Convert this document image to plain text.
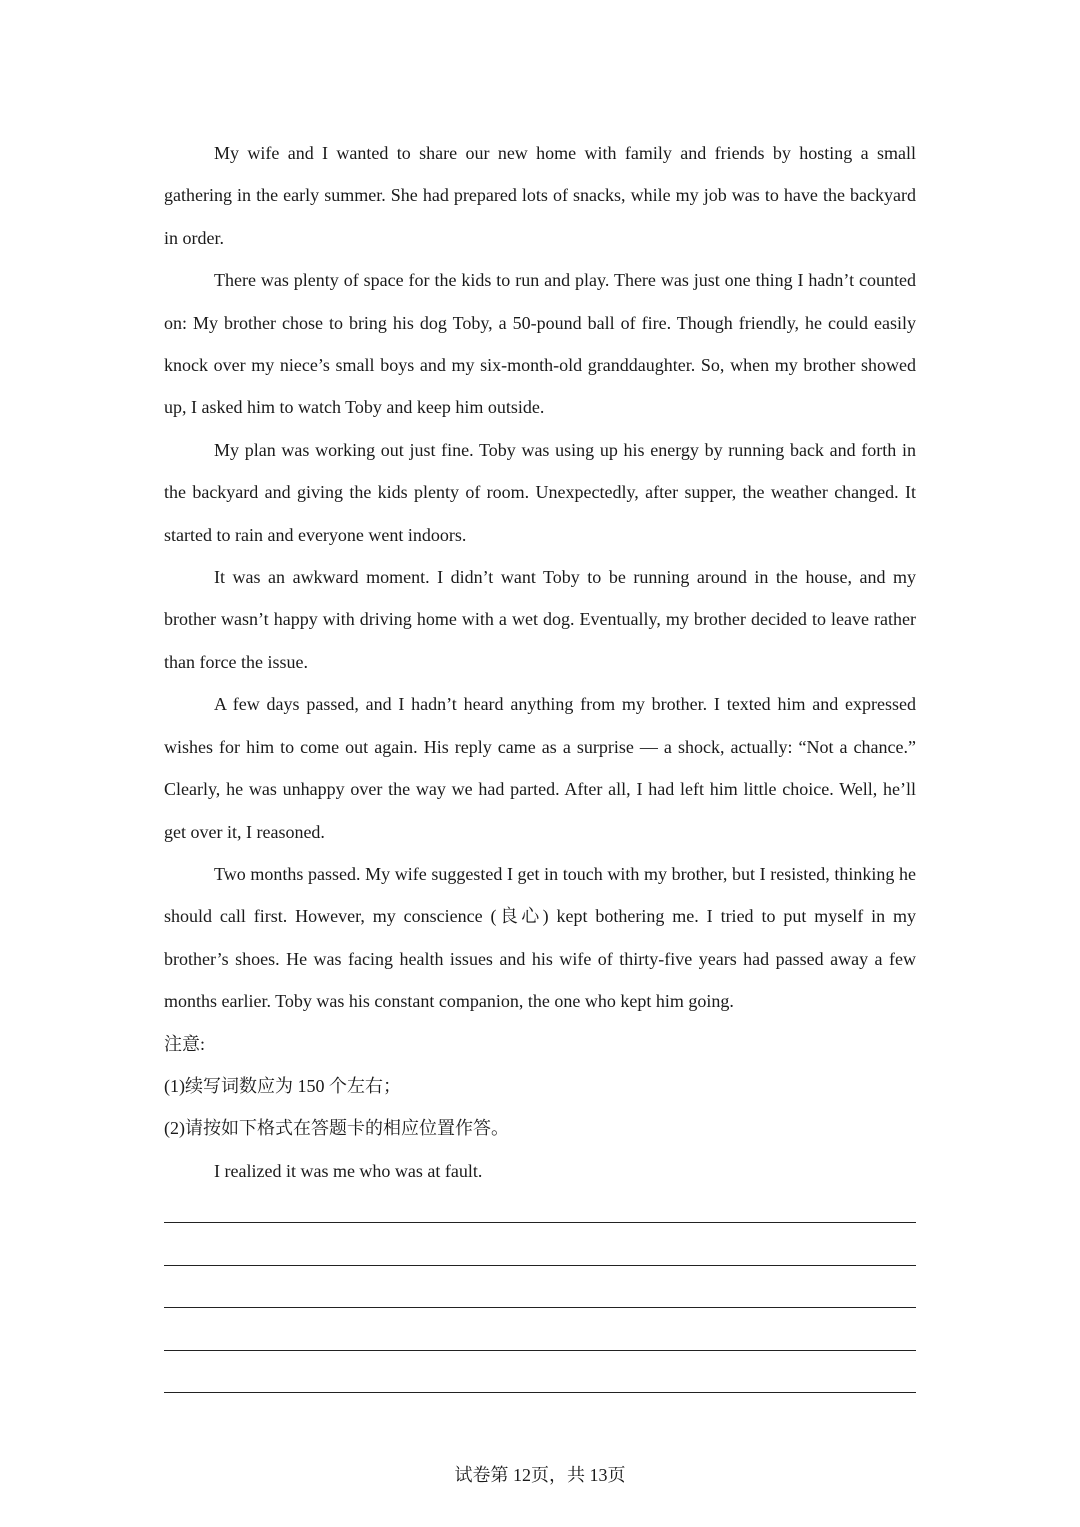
My wife and I wanted to share our new home with family and friends by hosting a small gathering in the early summer. She had prepared lots of snacks, while my job was to have the backyard in order.

There was plenty of space for the kids to run and play. There was just one thing I hadn’t counted on: My brother chose to bring his dog Toby, a 50-pound ball of fire. Though friendly, he could easily knock over my niece’s small boys and my six-month-old granddaughter. So, when my brother showed up, I asked him to watch Toby and keep him outside.

My plan was working out just fine. Toby was using up his energy by running back and forth in the backyard and giving the kids plenty of room. Unexpectedly, after supper, the weather changed. It started to rain and everyone went indoors.

It was an awkward moment. I didn’t want Toby to be running around in the house, and my brother wasn’t happy with driving home with a wet dog. Eventually, my brother decided to leave rather than force the issue.

A few days passed, and I hadn’t heard anything from my brother. I texted him and expressed wishes for him to come out again. His reply came as a surprise — a shock, actually: “Not a chance.” Clearly, he was unhappy over the way we had parted. After all, I had left him little choice. Well, he’ll get over it, I reasoned.

Two months passed. My wife suggested I get in touch with my brother, but I resisted, thinking he should call first. However, my conscience (良心) kept bothering me. I tried to put myself in my brother’s shoes. He was facing health issues and his wife of thirty-five years had passed away a few months earlier. Toby was his constant companion, the one who kept him going.

注意:

(1)续写词数应为 150 个左右；

(2)请按如下格式在答题卡的相应位置作答。

I realized it was me who was at fault.

试卷第 12页，共 13页
